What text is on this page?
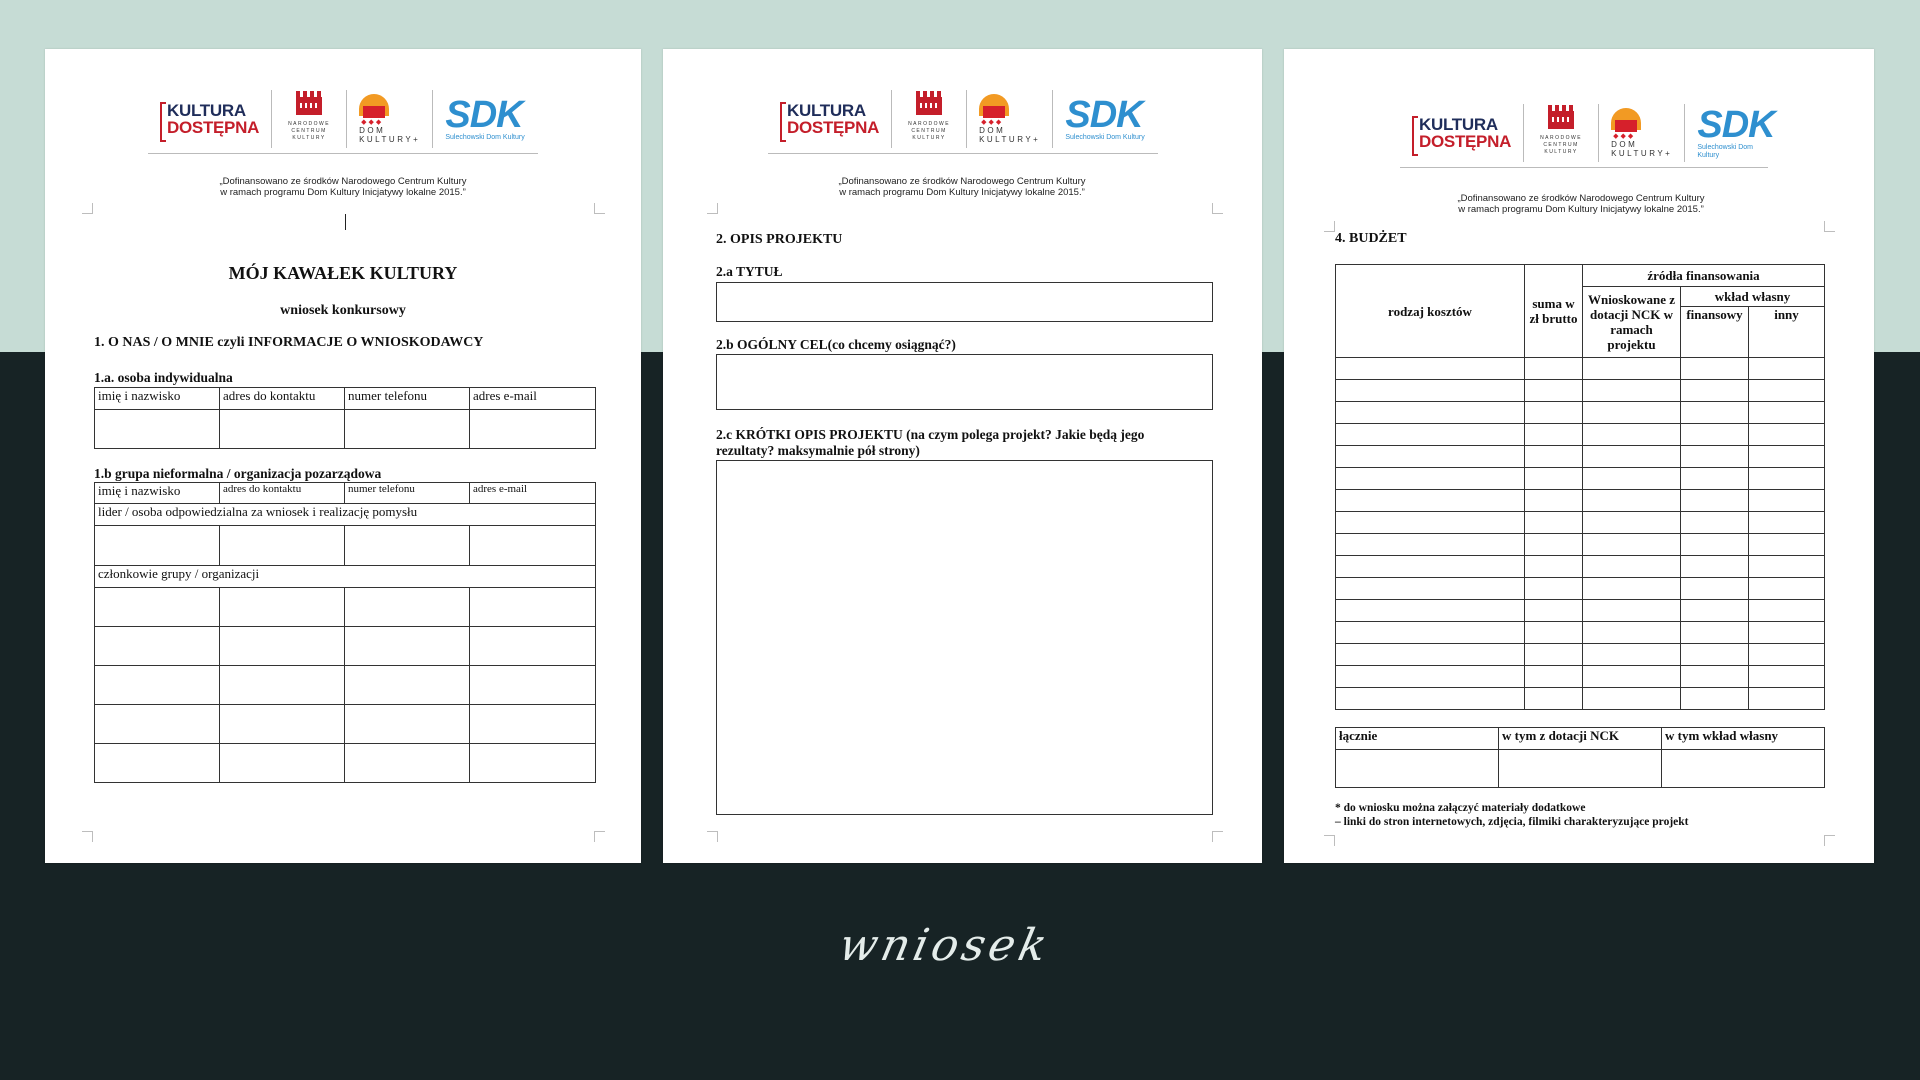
KULTURA
DOSTĘPNA	NARODOWE CENTRUM KULTURY
◆◆◆
DOM
KULTURY+
SDK
Sulechowski Dom Kultury
„Dofinansowano ze środków Narodowego Centrum Kultury
w ramach programu Dom Kultury Inicjatywy lokalne 2015.”
MÓJ KAWAŁEK KULTURY
wniosek konkursowy
1. O NAS / O MNIE czyli INFORMACJE O WNIOSKODAWCY
1.a. osoba indywidualna
imię i nazwisko	adres do kontaktu	numer telefonu	adres e-mail

1.b grupa nieformalna / organizacja pozarządowa
imię i nazwisko	adres do kontaktu	numer telefonu	adres e-mail
lider / osoba odpowiedzialna za wniosek i realizację pomysłu			

członkowie grupy / organizacji			

KULTURA
DOSTĘPNA	NARODOWE CENTRUM KULTURY
◆◆◆
DOM
KULTURY+
SDK
Sulechowski Dom Kultury
„Dofinansowano ze środków Narodowego Centrum Kultury
w ramach programu Dom Kultury Inicjatywy lokalne 2015.”
2. OPIS PROJEKTU
2.a TYTUŁ
2.b OGÓLNY CEL(co chcemy osiągnąć?)
2.c KRÓTKI OPIS PROJEKTU (na czym polega projekt? Jakie będą jego
rezultaty? maksymalnie pół strony)
KULTURA
DOSTĘPNA	NARODOWE CENTRUM KULTURY
◆◆◆
DOM
KULTURY+
SDK
Sulechowski Dom Kultury
„Dofinansowano ze środków Narodowego Centrum Kultury
w ramach programu Dom Kultury Inicjatywy lokalne 2015.”
4. BUDŻET
rodzaj kosztów	suma w zł brutto	źródła finansowania		
		Wnioskowane z dotacji NCK w ramach projektu	wkład własny	
			finansowy	inny

łącznie	w tym z dotacji NCK	w tym wkład własny

* do wniosku można załączyć materiały dodatkowe
– linki do stron internetowych, zdjęcia, filmiki charakteryzujące projekt
wniosek
